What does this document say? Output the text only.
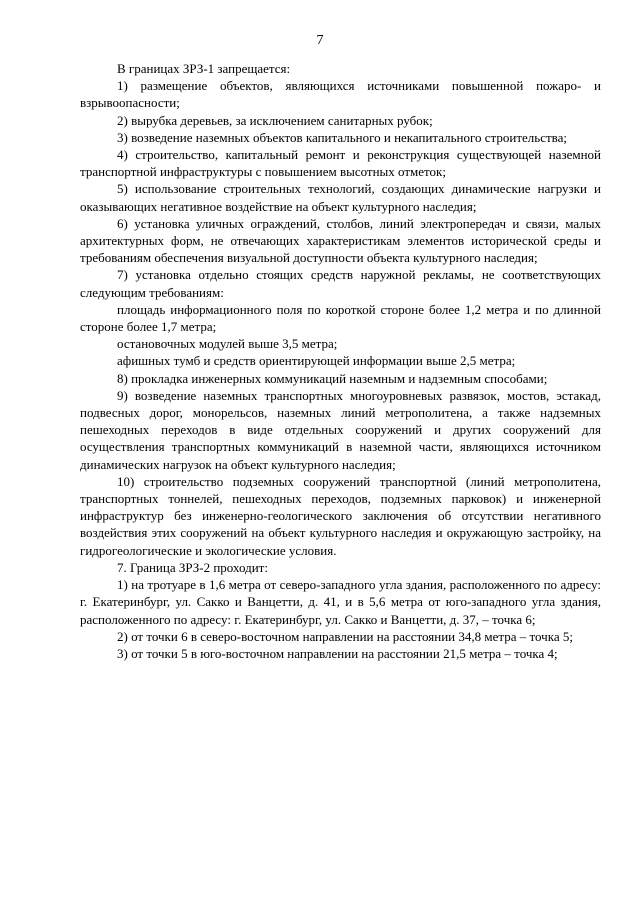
7

В границах ЗРЗ-1 запрещается:

1) размещение объектов, являющихся источниками повышенной пожаро- и взрывоопасности;

2) вырубка деревьев, за исключением санитарных рубок;

3) возведение наземных объектов капитального и некапитального строительства;

4) строительство, капитальный ремонт и реконструкция существующей наземной транспортной инфраструктуры с повышением высотных отметок;

5) использование строительных технологий, создающих динамические нагрузки и оказывающих негативное воздействие на объект культурного наследия;

6) установка уличных ограждений, столбов, линий электропередач и связи, малых архитектурных форм, не отвечающих характеристикам элементов исторической среды и требованиям обеспечения визуальной доступности объекта культурного наследия;

7) установка отдельно стоящих средств наружной рекламы, не соответствующих следующим требованиям:

площадь информационного поля по короткой стороне более 1,2 метра и по длинной стороне более 1,7 метра;

остановочных модулей выше 3,5 метра;

афишных тумб и средств ориентирующей информации выше 2,5 метра;

8) прокладка инженерных коммуникаций наземным и надземным способами;

9) возведение наземных транспортных многоуровневых развязок, мостов, эстакад, подвесных дорог, монорельсов, наземных линий метрополитена, а также надземных пешеходных переходов в виде отдельных сооружений и других сооружений для осуществления транспортных коммуникаций в наземной части, являющихся источником динамических нагрузок на объект культурного наследия;

10) строительство подземных сооружений транспортной (линий метрополитена, транспортных тоннелей, пешеходных переходов, подземных парковок) и инженерной инфраструктур без инженерно-геологического заключения об отсутствии негативного воздействия этих сооружений на объект культурного наследия и окружающую застройку, на гидрогеологические и экологические условия.

7. Граница ЗРЗ-2 проходит:

1) на тротуаре в 1,6 метра от северо-западного угла здания, расположенного по адресу: г. Екатеринбург, ул. Сакко и Ванцетти, д. 41, и в 5,6 метра от юго-западного угла здания, расположенного по адресу: г. Екатеринбург, ул. Сакко и Ванцетти, д. 37, – точка 6;

2) от точки 6 в северо-восточном направлении на расстоянии 34,8 метра – точка 5;

3) от точки 5 в юго-восточном направлении на расстоянии 21,5 метра – точка 4;
